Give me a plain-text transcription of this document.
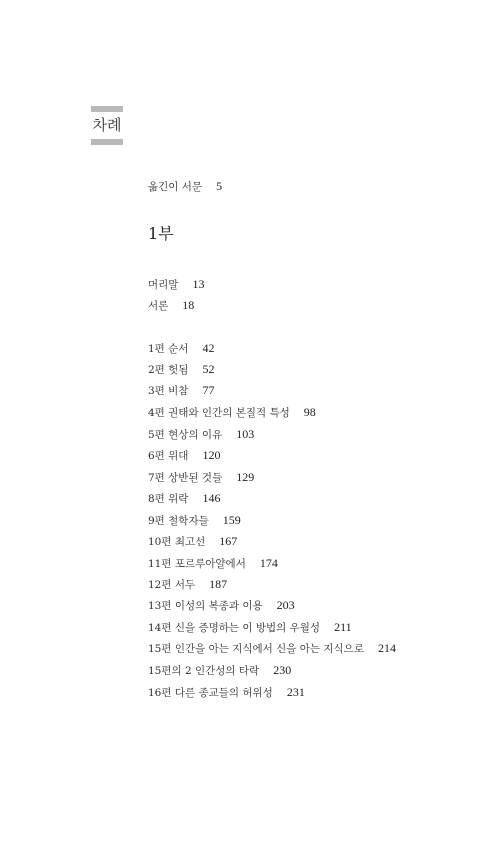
차례
옮긴이 서문 5
1부
머리말 13
서론 18
1편 순서 42
2편 헛됨 52
3편 비참 77
4편 권태와 인간의 본질적 특성 98
5편 현상의 이유 103
6편 위대 120
7편 상반된 것들 129
8편 위락 146
9편 철학자들 159
10편 최고선 167
11편 포르루아얄에서 174
12편 서두 187
13편 이성의 복종과 이용 203
14편 신을 증명하는 이 방법의 우월성 211
15편 인간을 아는 지식에서 신을 아는 지식으로 214
15편의 2 인간성의 타락 230
16편 다른 종교들의 허위성 231
